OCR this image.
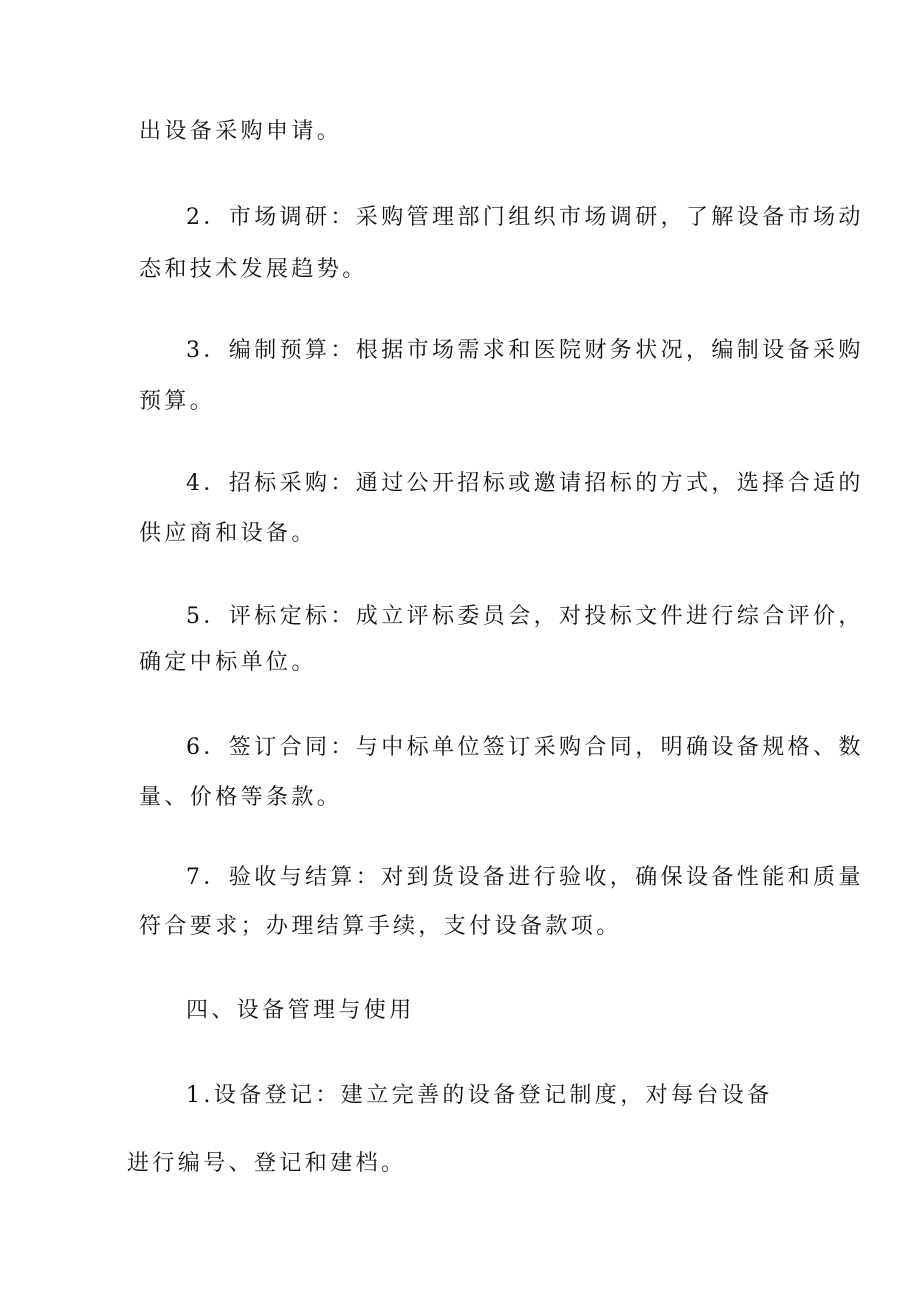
出设备采购申请。
2．市场调研：采购管理部门组织市场调研，了解设备市场动
态和技术发展趋势。
3．编制预算：根据市场需求和医院财务状况，编制设备采购
预算。
4．招标采购：通过公开招标或邀请招标的方式，选择合适的
供应商和设备。
5．评标定标：成立评标委员会，对投标文件进行综合评价，
确定中标单位。
6．签订合同：与中标单位签订采购合同，明确设备规格、数
量、价格等条款。
7．验收与结算：对到货设备进行验收，确保设备性能和质量
符合要求；办理结算手续，支付设备款项。
四、设备管理与使用
1.设备登记：建立完善的设备登记制度，对每台设备
进行编号、登记和建档。
